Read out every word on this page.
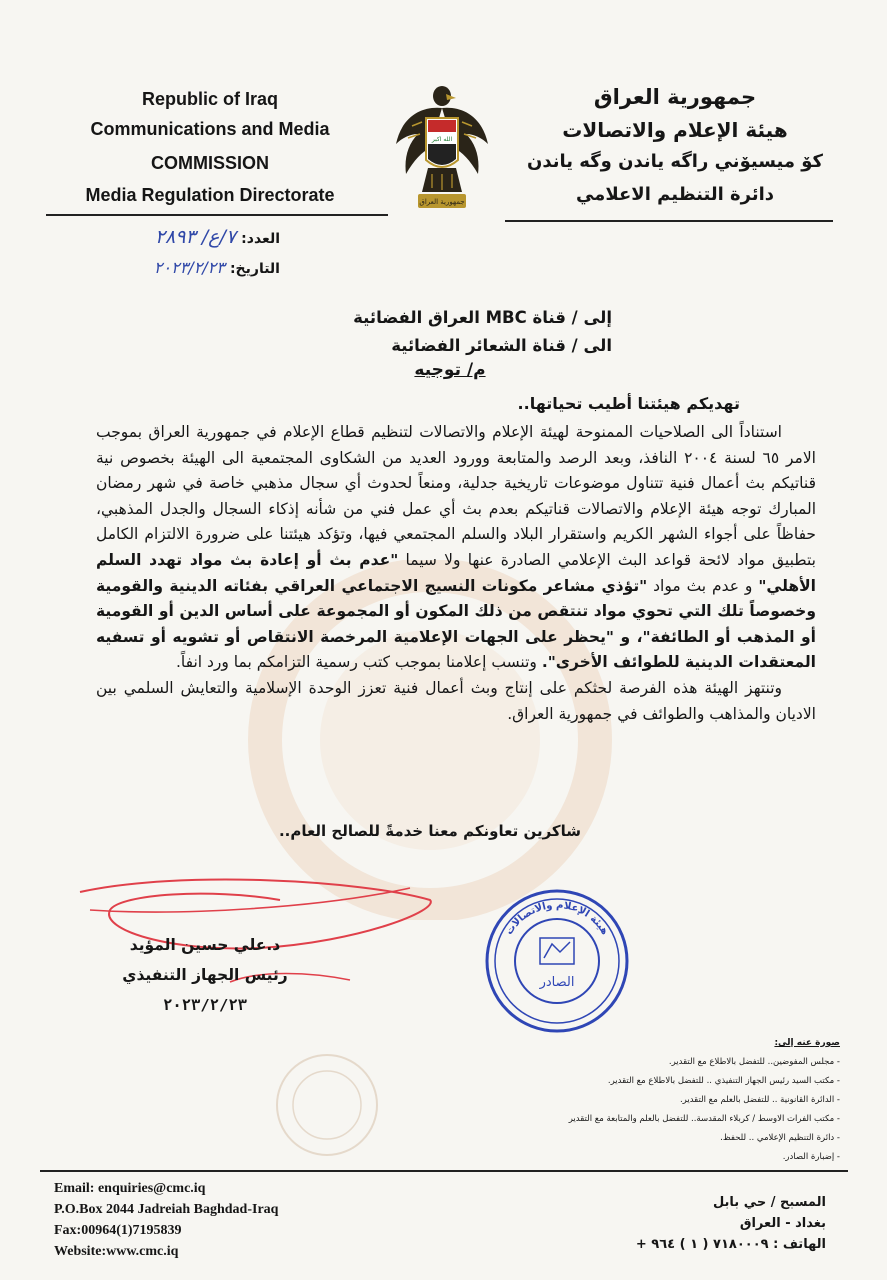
Republic of Iraq
Communications and Media
COMMISSION
Media Regulation Directorate
الله اكبر
جمهورية العراق
جمهورية العراق
هيئة الإعلام والاتصالات
كۆ ميسيۆني راگه ياندن وگه ياندن
دائرة التنظيم الاعلامي
العدد: ٧/ع/ ٢٨٩٣
التاريخ: ٢٠٢٣/٢/٢٣
إلى / قناة MBC العراق الفضائية
الى / قناة الشعائر الفضائية
م/ توجيه
تهديكم هيئتنا أطيب تحياتها..

استناداً الى الصلاحيات الممنوحة لهيئة الإعلام والاتصالات لتنظيم قطاع الإعلام في جمهورية العراق بموجب الامر ٦٥ لسنة ٢٠٠٤ النافذ، وبعد الرصد والمتابعة وورود العديد من الشكاوى المجتمعية الى الهيئة بخصوص نية قناتيكم بث أعمال فنية تتناول موضوعات تاريخية جدلية، ومنعاً لحدوث أي سجال مذهبي خاصة في شهر رمضان المبارك توجه هيئة الإعلام والاتصالات قناتيكم بعدم بث أي عمل فني من شأنه إذكاء السجال والجدل المذهبي، حفاظاً على أجواء الشهر الكريم واستقرار البلاد والسلم المجتمعي فيها، وتؤكد هيئتنا على ضرورة الالتزام الكامل بتطبيق مواد لائحة قواعد البث الإعلامي الصادرة عنها ولا سيما "عدم بث أو إعادة بث مواد تهدد السلم الأهلي" و عدم بث مواد "تؤذي مشاعر مكونات النسيج الاجتماعي العراقي بفئاته الدينية والقومية وخصوصاً تلك التي تحوي مواد تنتقص من ذلك المكون أو المجموعة على أساس الدين أو القومية أو المذهب أو الطائفة"، و "يحظر على الجهات الإعلامية المرخصة الانتقاص أو تشويه أو تسفيه المعتقدات الدينية للطوائف الأخرى". وتنسب إعلامنا بموجب كتب رسمية التزامكم بما ورد انفاً.

وتنتهز الهيئة هذه الفرصة لحثكم على إنتاج وبث أعمال فنية تعزز الوحدة الإسلامية والتعايش السلمي بين الاديان والمذاهب والطوائف في جمهورية العراق.

شاكرين تعاونكم معنا خدمةً للصالح العام..
د.علي حسين المؤيد
رئيس الجهاز التنفيذي
٢٠٢٣/٢/٢٣
هيئة الإعلام والاتصالات
الصادر
صورة عنه إلى:
- مجلس المفوضين.. للتفضل بالاطلاع مع التقدير.
- مكتب السيد رئيس الجهاز التنفيذي .. للتفضل بالاطلاع مع التقدير.
- الدائرة القانونية .. للتفضل بالعلم مع التقدير.
- مكتب الفرات الاوسط / كربلاء المقدسة.. للتفضل بالعلم والمتابعة مع التقدير
- دائرة التنظيم الإعلامي .. للحفظ.
- إضبارة الصادر.
Email: enquiries@cmc.iq
P.O.Box 2044 Jadreiah Baghdad-Iraq
Fax:00964(1)7195839
Website:www.cmc.iq
المسبح / حي بابل
بغداد - العراق
الهاتف : ٧١٨٠٠٠٩ ( ١ ) ٩٦٤ +
